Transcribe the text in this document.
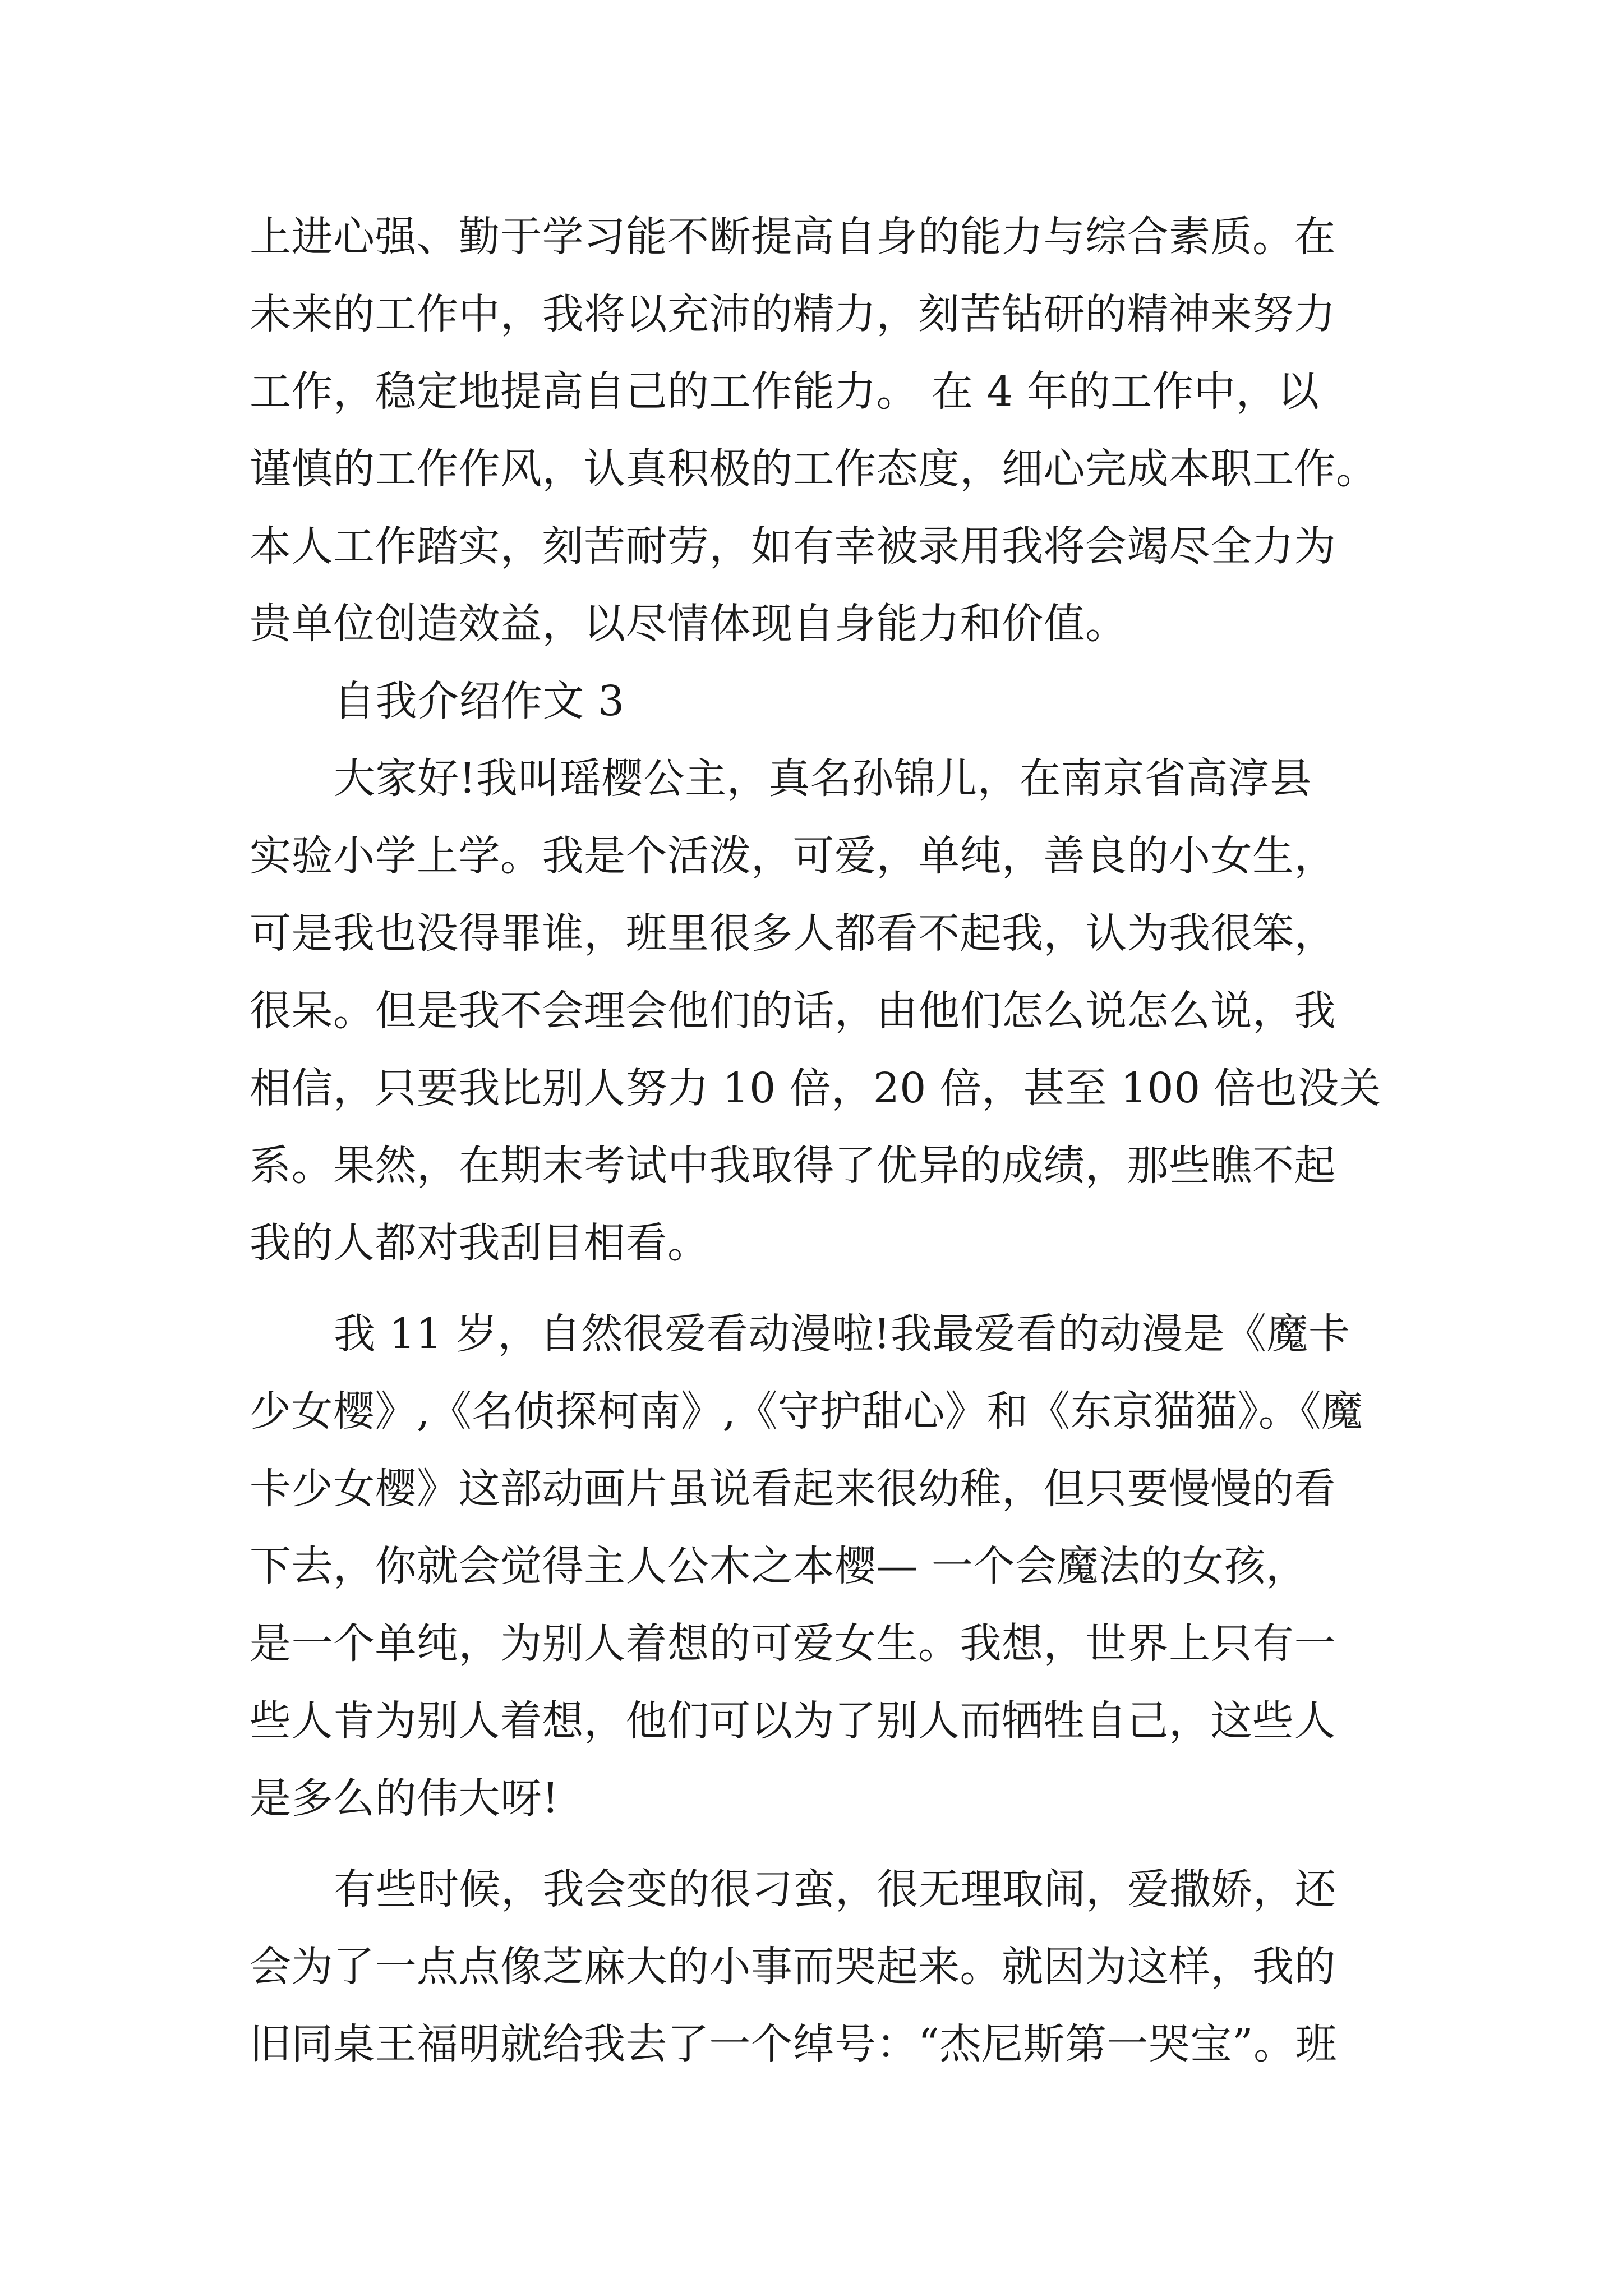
上进心强、勤于学习能不断提高自身的能力与综合素质。在
未来的工作中，我将以充沛的精力，刻苦钻研的精神来努力
工作，稳定地提高自己的工作能力。 在 4 年的工作中，以
谨慎的工作作风，认真积极的工作态度，细心完成本职工作。
本人工作踏实，刻苦耐劳，如有幸被录用我将会竭尽全力为
贵单位创造效益，以尽情体现自身能力和价值。
自我介绍作文 3
大家好!我叫瑶樱公主，真名孙锦儿，在南京省高淳县
实验小学上学。我是个活泼，可爱，单纯，善良的小女生，
可是我也没得罪谁，班里很多人都看不起我，认为我很笨，
很呆。但是我不会理会他们的话，由他们怎么说怎么说，我
相信，只要我比别人努力 10 倍，20 倍，甚至 100 倍也没关
系。果然，在期末考试中我取得了优异的成绩，那些瞧不起
我的人都对我刮目相看。
我 11 岁，自然很爱看动漫啦!我最爱看的动漫是《魔卡
少女樱》,《名侦探柯南》,《守护甜心》和《东京猫猫》。《魔
卡少女樱》这部动画片虽说看起来很幼稚，但只要慢慢的看
下去，你就会觉得主人公木之本樱— 一个会魔法的女孩，
是一个单纯，为别人着想的可爱女生。我想，世界上只有一
些人肯为别人着想，他们可以为了别人而牺牲自己，这些人
是多么的伟大呀!
有些时候，我会变的很刁蛮，很无理取闹，爱撒娇，还
会为了一点点像芝麻大的小事而哭起来。就因为这样，我的
旧同桌王福明就给我去了一个绰号：“杰尼斯第一哭宝”。班
